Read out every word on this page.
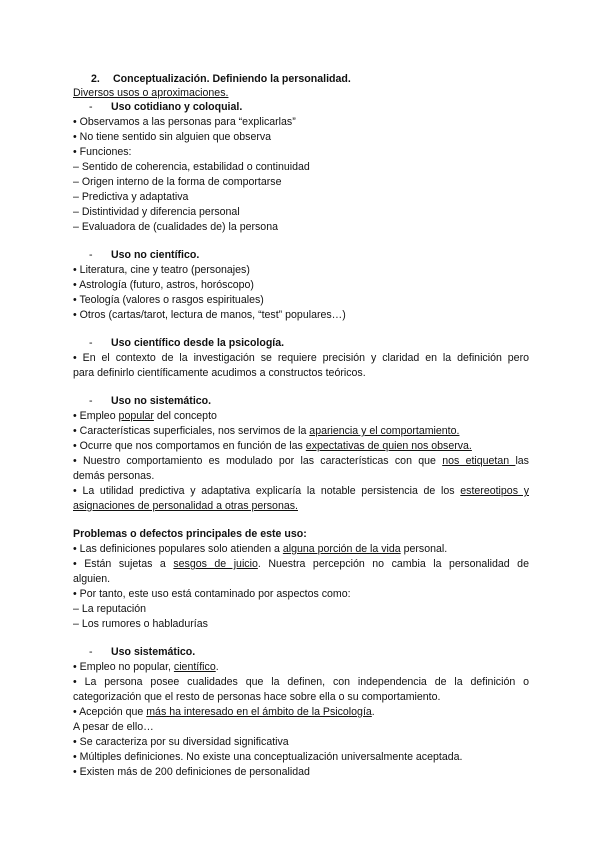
2. Conceptualización. Definiendo la personalidad.
Diversos usos o aproximaciones.
- Uso cotidiano y coloquial.
• Observamos a las personas para “explicarlas”
• No tiene sentido sin alguien que observa
• Funciones:
– Sentido de coherencia, estabilidad o continuidad
– Origen interno de la forma de comportarse
– Predictiva y adaptativa
– Distintividad y diferencia personal
– Evaluadora de (cualidades de) la persona
- Uso no científico.
• Literatura, cine y teatro (personajes)
• Astrología (futuro, astros, horóscopo)
• Teología (valores o rasgos espirituales)
• Otros (cartas/tarot, lectura de manos, “test” populares…)
- Uso científico desde la psicología.
• En el contexto de la investigación se requiere precisión y claridad en la definición pero
para definirlo científicamente acudimos a constructos teóricos.
- Uso no sistemático.
• Empleo popular del concepto
• Características superficiales, nos servimos de la apariencia y el comportamiento.
• Ocurre que nos comportamos en función de las expectativas de quien nos observa.
• Nuestro comportamiento es modulado por las características con que nos etiquetan las
demás personas.
• La utilidad predictiva y adaptativa explicaría la notable persistencia de los estereotipos y
asignaciones de personalidad a otras personas.
Problemas o defectos principales de este uso:
• Las definiciones populares solo atienden a alguna porción de la vida personal.
• Están sujetas a sesgos de juicio. Nuestra percepción no cambia la personalidad de
alguien.
• Por tanto, este uso está contaminado por aspectos como:
– La reputación
– Los rumores o habladurías
- Uso sistemático.
• Empleo no popular, científico.
• La persona posee cualidades que la definen, con independencia de la definición o
categorización que el resto de personas hace sobre ella o su comportamiento.
• Acepción que más ha interesado en el ámbito de la Psicología.
A pesar de ello…
• Se caracteriza por su diversidad significativa
• Múltiples definiciones. No existe una conceptualización universalmente aceptada.
• Existen más de 200 definiciones de personalidad
